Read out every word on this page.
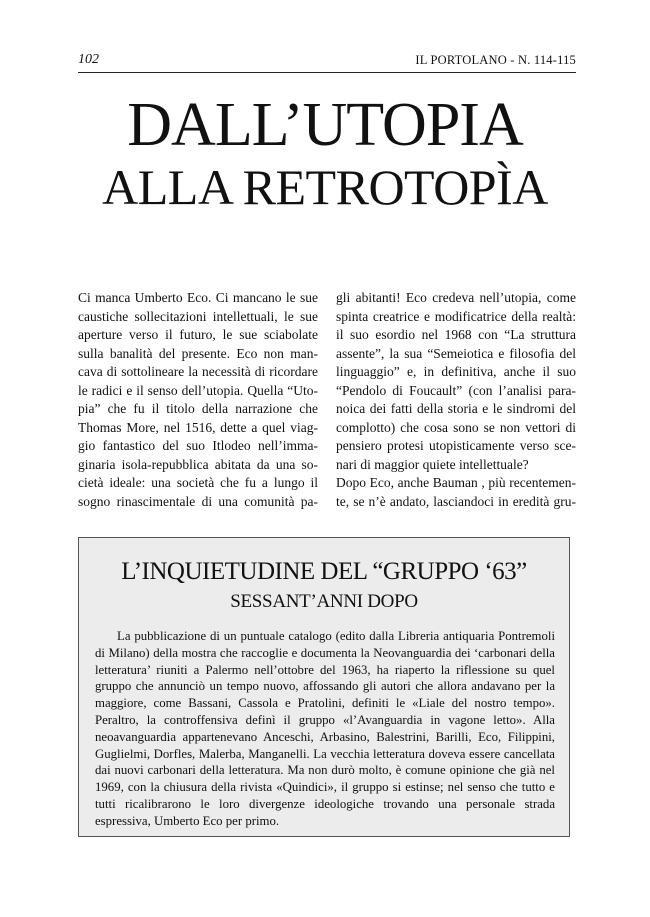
102	IL PORTOLANO - N. 114-115
DALL’UTOPIA
ALLA RETROTOPÌA

Ci manca Umberto Eco. Ci mancano le sue caustiche sollecitazioni intellettuali, le sue aperture verso il futuro, le sue sciabolate sulla banalità del presente. Eco non mancava di sottolineare la necessità di ricordare le radici e il senso dell’utopia. Quella “Utopia” che fu il titolo della narrazione che Thomas More, nel 1516, dette a quel viaggio fantastico del suo Itlodeo nell’immaginaria isola-repubblica abitata da una società ideale: una società che fu a lungo il sogno rinascimentale di una comunità pa

gli abitanti! Eco credeva nell’utopia, come spinta creatrice e modificatrice della realtà: il suo esordio nel 1968 con “La struttura assente”, la sua “Semeiotica e filosofia del linguaggio” e, in definitiva, anche il suo “Pendolo di Foucault” (con l’analisi paranoica dei fatti della storia e le sindromi del complotto) che cosa sono se non vettori di pensiero protesi utopisticamente verso scenari di maggior quiete intellettuale?

Dopo Eco, anche Bauman , più recentemente, se n’è andato, lasciandoci in eredità gru

L’INQUIETUDINE DEL “GRUPPO ‘63”
SESSANT’ANNI DOPO

La pubblicazione di un puntuale catalogo (edito dalla Libreria antiquaria Pontremoli di Milano) della mostra che raccoglie e documenta la Neovanguardia dei ‘carbonari della letteratura’ riuniti a Palermo nell’ottobre del 1963, ha riaperto la riflessione su quel gruppo che annunciò un tempo nuovo, affossando gli autori che allora andavano per la maggiore, come Bassani, Cassola e Pratolini, definiti le «Liale del nostro tempo». Peraltro, la controffensiva definì il gruppo «l’Avanguardia in vagone letto». Alla neoavanguardia appartenevano Anceschi, Arbasino, Balestrini, Barilli, Eco, Filippini, Guglielmi, Dorfles, Malerba, Manganelli. La vecchia letteratura doveva essere cancellata dai nuovi carbonari della letteratura. Ma non durò molto, è comune opinione che già nel 1969, con la chiusura della rivista «Quindici», il gruppo si estinse; nel senso che tutto e tutti ricalibrarono le loro divergenze ideologiche trovando una personale strada espressiva, Umberto Eco per primo.
